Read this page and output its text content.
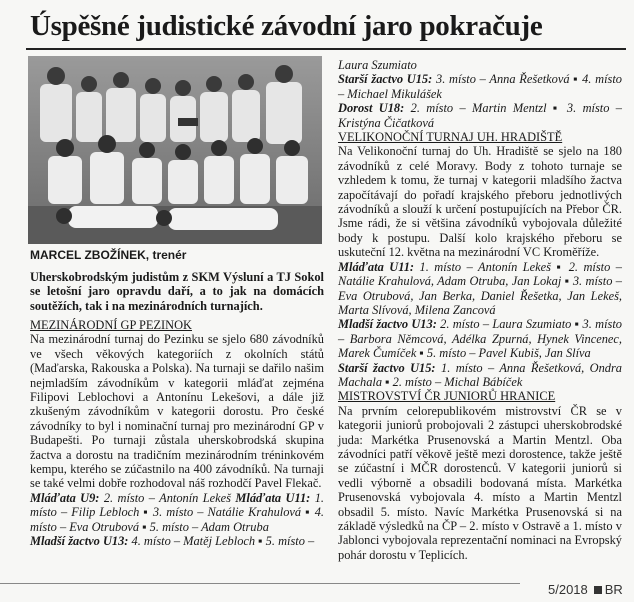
Úspěšné judistické závodní jaro pokračuje
MARCEL ZBOŽÍNEK, trenér
Uherskobrodským judistům z SKM Výsluní a TJ Sokol se letošní jaro opravdu daří, a to jak na domácích soutěžích, tak i na mezinárodních turnajích.

MEZINÁRODNÍ GP PEZINOK

Na mezinárodní turnaj do Pezinku se sjelo 680 závodníků ve všech věkových kategoriích z okolních států (Maďarska, Rakouska a Polska). Na turnaji se dařilo našim nejmladším závodníkům v kategorii mláďat zejména Filipovi Leblochovi a Antonínu Lekešovi, a dále již zkušeným závodníkům v kategorii dorostu. Pro české závodníky to byl i nominační turnaj pro mezinárodní GP v Budapešti. Po turnaji zůstala uherskobrodská skupina žactva a dorostu na tradičním mezinárodním tréninkovém kempu, kterého se zúčastnilo na 400 závodníků. Na turnaji se také velmi dobře rozhodoval náš rozhodčí Pavel Flekač.

Mláďata U9: 2. místo – Antonín Lekeš Mláďata U11: 1. místo – Filip Lebloch ▪ 3. místo – Natálie Krahulová ▪ 4. místo – Eva Otrubová ▪ 5. místo – Adam Otruba
Mladší žactvo U13: 4. místo – Matěj Lebloch ▪ 5. místo –

Laura Szumiato
Starší žactvo U15: 3. místo – Anna Řešetková ▪ 4. místo – Michael Mikulášek
Dorost U18: 2. místo – Martin Mentzl ▪ 3. místo – Kristýna Čičatková

VELIKONOČNÍ TURNAJ UH. HRADIŠTĚ

Na Velikonoční turnaj do Uh. Hradiště se sjelo na 180 závodníků z celé Moravy. Body z tohoto turnaje se vzhledem k tomu, že turnaj v kategorii mladšího žactva započítávají do pořadí krajského přeboru jednotlivých závodníků a slouží k určení postupujících na Přebor ČR. Jsme rádi, že si většina závodníků vybojovala důležité body k postupu. Další kolo krajského přeboru se uskuteční 12. května na mezinárodní VC Kroměříže.

Mláďata U11: 1. místo – Antonín Lekeš ▪ 2. místo – Natálie Krahulová, Adam Otruba, Jan Lokaj ▪ 3. místo – Eva Otrubová, Jan Berka, Daniel Řešetka, Jan Lekeš, Marta Slívová, Milena Zancová
Mladší žactvo U13: 2. místo – Laura Szumiato ▪ 3. místo – Barbora Němcová, Adélka Zpurná, Hynek Vincenec, Marek Čumíček ▪ 5. místo – Pavel Kubiš, Jan Slíva
Starší žactvo U15: 1. místo – Anna Řešetková, Ondra Machala ▪ 2. místo – Michal Bábíček

MISTROVSTVÍ ČR JUNIORŮ HRANICE

Na prvním celorepublikovém mistrovství ČR se v kategorii juniorů probojovali 2 zástupci uherskobrodské juda: Markétka Prusenovská a Martin Mentzl. Oba závodníci patří věkově ještě mezi dorostence, takže ještě se zúčastní i MČR dorostenců. V kategorii juniorů si vedli výborně a obsadili bodovaná místa. Markétka Prusenovská vybojovala 4. místo a Martin Mentzl obsadil 5. místo. Navíc Markétka Prusenovská si na základě výsledků na ČP – 2. místo v Ostravě a 1. místo v Jablonci vybojovala reprezentační nominaci na Evropský pohár dorostu v Teplicích.

5/2018 BR
